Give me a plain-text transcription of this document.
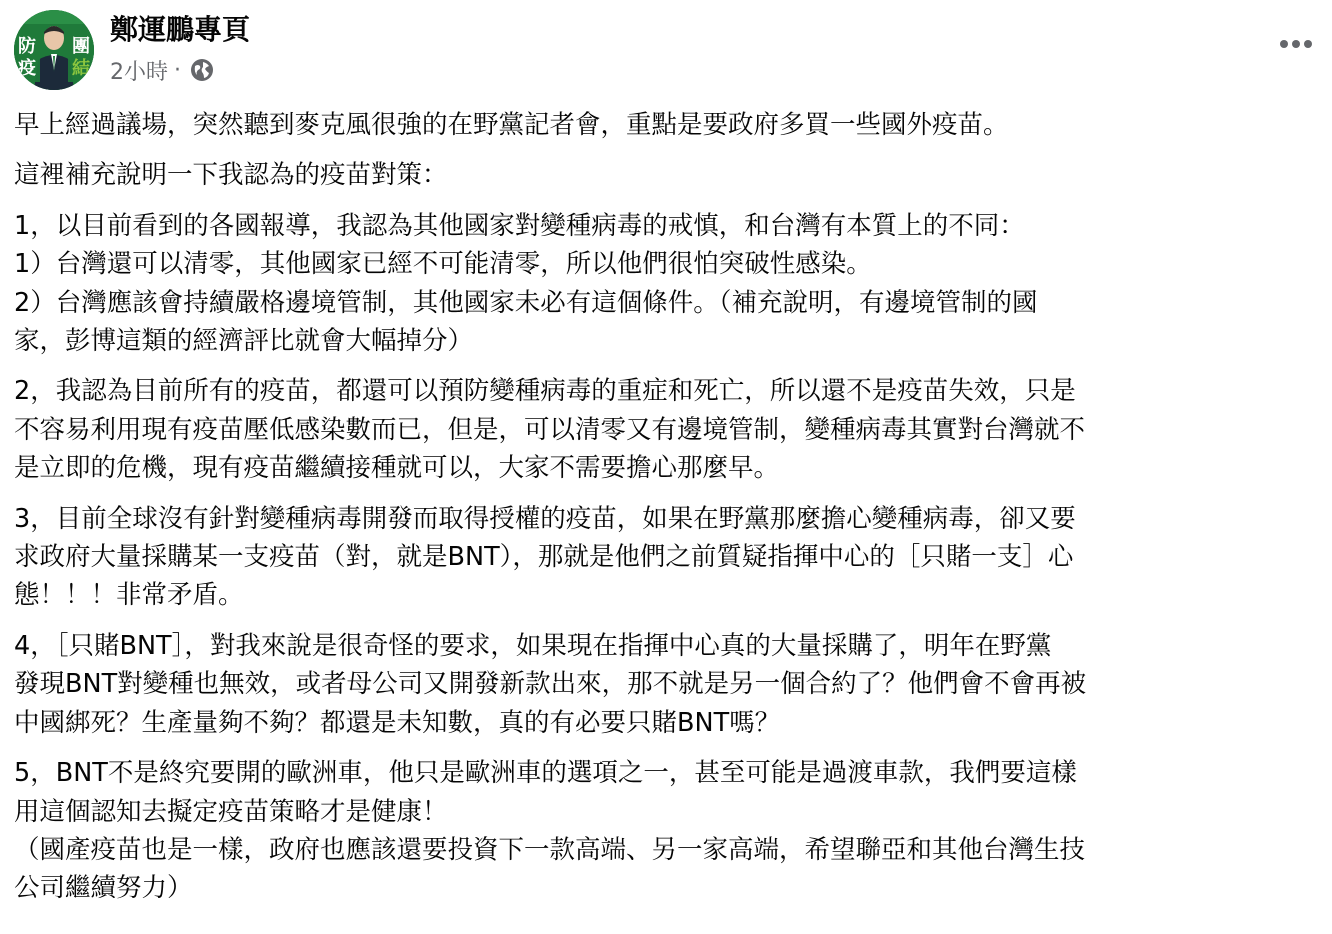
防
疫
團
結
鄭運鵬專頁
2小時 ·

早上經過議場，突然聽到麥克風很強的在野黨記者會，重點是要政府多買一些國外疫苗。

這裡補充說明一下我認為的疫苗對策：

1，以目前看到的各國報導，我認為其他國家對變種病毒的戒慎，和台灣有本質上的不同：
1）台灣還可以清零，其他國家已經不可能清零，所以他們很怕突破性感染。
2）台灣應該會持續嚴格邊境管制，其他國家未必有這個條件。（補充說明，有邊境管制的國
家，彭博這類的經濟評比就會大幅掉分）

2，我認為目前所有的疫苗，都還可以預防變種病毒的重症和死亡，所以還不是疫苗失效，只是
不容易利用現有疫苗壓低感染數而已，但是，可以清零又有邊境管制，變種病毒其實對台灣就不
是立即的危機，現有疫苗繼續接種就可以，大家不需要擔心那麼早。

3，目前全球沒有針對變種病毒開發而取得授權的疫苗，如果在野黨那麼擔心變種病毒，卻又要
求政府大量採購某一支疫苗（對，就是BNT），那就是他們之前質疑指揮中心的［只賭一支］心
態！！！非常矛盾。

4，［只賭BNT］，對我來說是很奇怪的要求，如果現在指揮中心真的大量採購了，明年在野黨
發現BNT對變種也無效，或者母公司又開發新款出來，那不就是另一個合約了？他們會不會再被
中國綁死？生產量夠不夠？都還是未知數，真的有必要只賭BNT嗎？

5，BNT不是終究要開的歐洲車，他只是歐洲車的選項之一，甚至可能是過渡車款，我們要這樣
用這個認知去擬定疫苗策略才是健康！
（國產疫苗也是一樣，政府也應該還要投資下一款高端、另一家高端，希望聯亞和其他台灣生技
公司繼續努力）
